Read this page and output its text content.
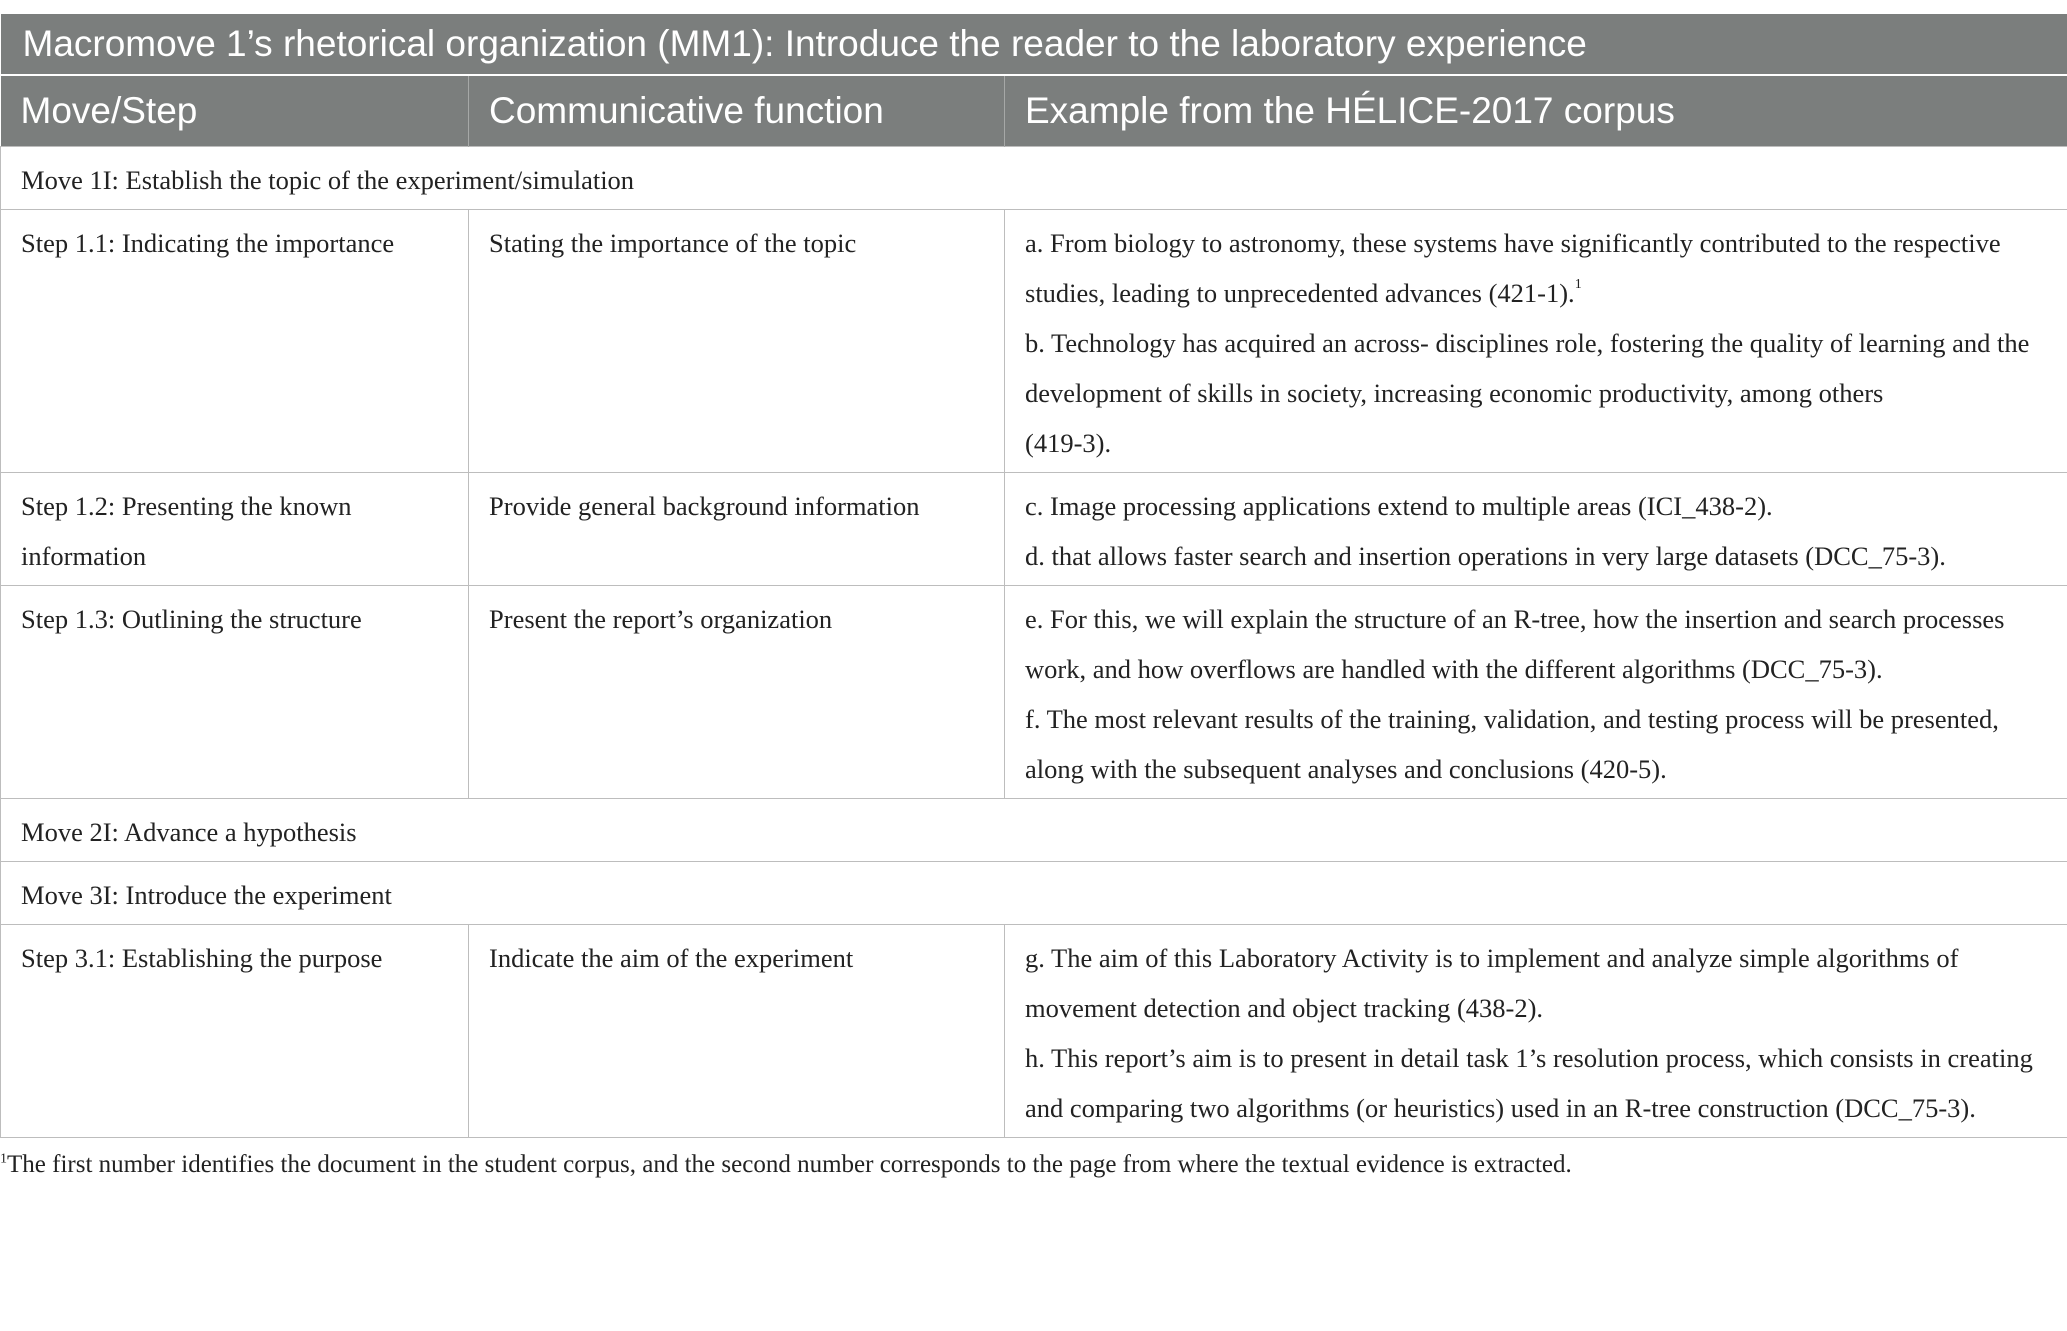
Macromove 1’s rhetorical organization (MM1): Introduce the reader to the laboratory experience		
Move/Step	Communicative function	Example from the HÉLICE-2017 corpus
Move 1I: Establish the topic of the experiment/simulation		
Step 1.1: Indicating the importance	Stating the importance of the topic	a. From biology to astronomy, these systems have significantly contributed to the respective studies, leading to unprecedented advances (421-1).$^1$
b. Technology has acquired an across- disciplines role, fostering the quality of learning and the development of skills in society, increasing economic productivity, among others
(419-3).

Step 1.2: Presenting the known information	Provide general background information	c. Image processing applications extend to multiple areas (ICI_438-2).
d. that allows faster search and insertion operations in very large datasets (DCC_75-3).

Step 1.3: Outlining the structure	Present the report’s organization	e. For this, we will explain the structure of an R-tree, how the insertion and search processes work, and how overflows are handled with the different algorithms (DCC_75-3).
f. The most relevant results of the training, validation, and testing process will be presented, along with the subsequent analyses and conclusions (420-5).

Move 2I: Advance a hypothesis		
Move 3I: Introduce the experiment		
Step 3.1: Establishing the purpose	Indicate the aim of the experiment	g. The aim of this Laboratory Activity is to implement and analyze simple algorithms of movement detection and object tracking (438-2).
h. This report’s aim is to present in detail task 1’s resolution process, which consists in creating and comparing two algorithms (or heuristics) used in an R-tree construction (DCC_75-3).

$^1$The first number identifies the document in the student corpus, and the second number corresponds to the page from where the textual evidence is extracted.
